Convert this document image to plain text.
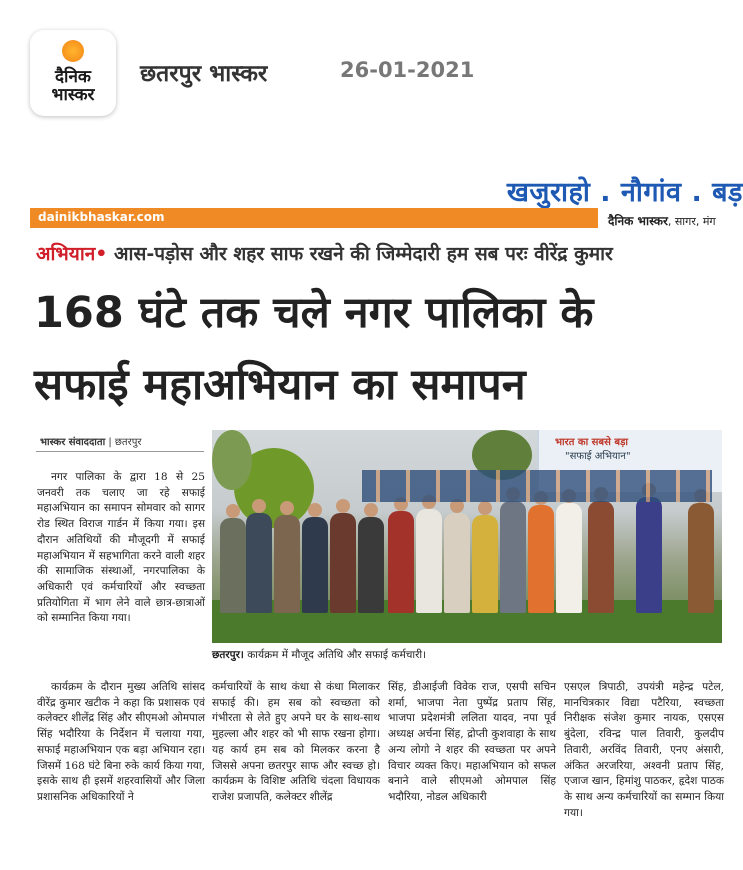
दैनिक
भास्कर
छतरपुर भास्कर	26-01-2021
खजुराहो . नौगांव . बड़
dainikbhaskar.com	दैनिक भास्कर, सागर, मंग
अभियान• आस-पड़ोस और शहर साफ रखने की जिम्मेदारी हम सब परः वीरेंद्र कुमार
168 घंटे तक चले नगर पालिका के
सफाई महाअभियान का समापन
भास्कर संवाददाता | छतरपुर	भारत का सबसे बड़ा
"सफाई अभियान"
छतरपुर। कार्यक्रम में मौजूद अतिथि और सफाई कर्मचारी।

नगर पालिका के द्वारा 18 से 25 जनवरी तक चलाए जा रहे सफाई महाअभियान का समापन सोमवार को सागर रोड स्थित विराज गार्डन में किया गया। इस दौरान अतिथियों की मौजूदगी में सफाई महाअभियान में सहभागिता करने वाली शहर की सामाजिक संस्थाओं, नगरपालिका के अधिकारी एवं कर्मचारियों और स्वच्छता प्रतियोगिता में भाग लेने वाले छात्र-छात्राओं को सम्मानित किया गया।

कार्यक्रम के दौरान मुख्य अतिथि सांसद वीरेंद्र कुमार खटीक ने कहा कि प्रशासक एवं कलेक्टर शीलेंद्र सिंह और सीएमओ ओमपाल सिंह भदौरिया के निर्देशन में चलाया गया, सफाई महाअभियान एक बड़ा अभियान रहा। जिसमें 168 घंटे बिना रुके कार्य किया गया, इसके साथ ही इसमें शहरवासियों और जिला प्रशासनिक अधिकारियों ने

कर्मचारियों के साथ कंधा से कंधा मिलाकर सफाई की। हम सब को स्वच्छता को गंभीरता से लेते हुए अपने घर के साथ-साथ मुहल्ला और शहर को भी साफ रखना होगा। यह कार्य हम सब को मिलकर करना है जिससे अपना छतरपुर साफ और स्वच्छ हो। कार्यक्रम के विशिष्ट अतिथि चंदला विधायक राजेश प्रजापति, कलेक्टर शीलेंद्र

सिंह, डीआईजी विवेक राज, एसपी सचिन शर्मा, भाजपा नेता पुष्पेंद्र प्रताप सिंह, भाजपा प्रदेशमंत्री ललिता यादव, नपा पूर्व अध्यक्ष अर्चना सिंह, द्रोप्ती कुशवाहा के साथ अन्य लोगो ने शहर की स्वच्छता पर अपने विचार व्यक्त किए। महाअभियान को सफल बनाने वाले सीएमओ ओमपाल सिंह भदौरिया, नोडल अधिकारी

एसएल त्रिपाठी, उपयंत्री महेन्द्र पटेल, मानचित्रकार विद्या पटैरिया, स्वच्छता निरीक्षक संजेश कुमार नायक, एसएस बुंदेला, रविन्द्र पाल तिवारी, कुलदीप तिवारी, अरविंद तिवारी, एनए अंसारी, अंकित अरजरिया, अश्वनी प्रताप सिंह, एजाज खान, हिमांशु पाठकर, हृदेश पाठक के साथ अन्य कर्मचारियों का सम्मान किया गया।
